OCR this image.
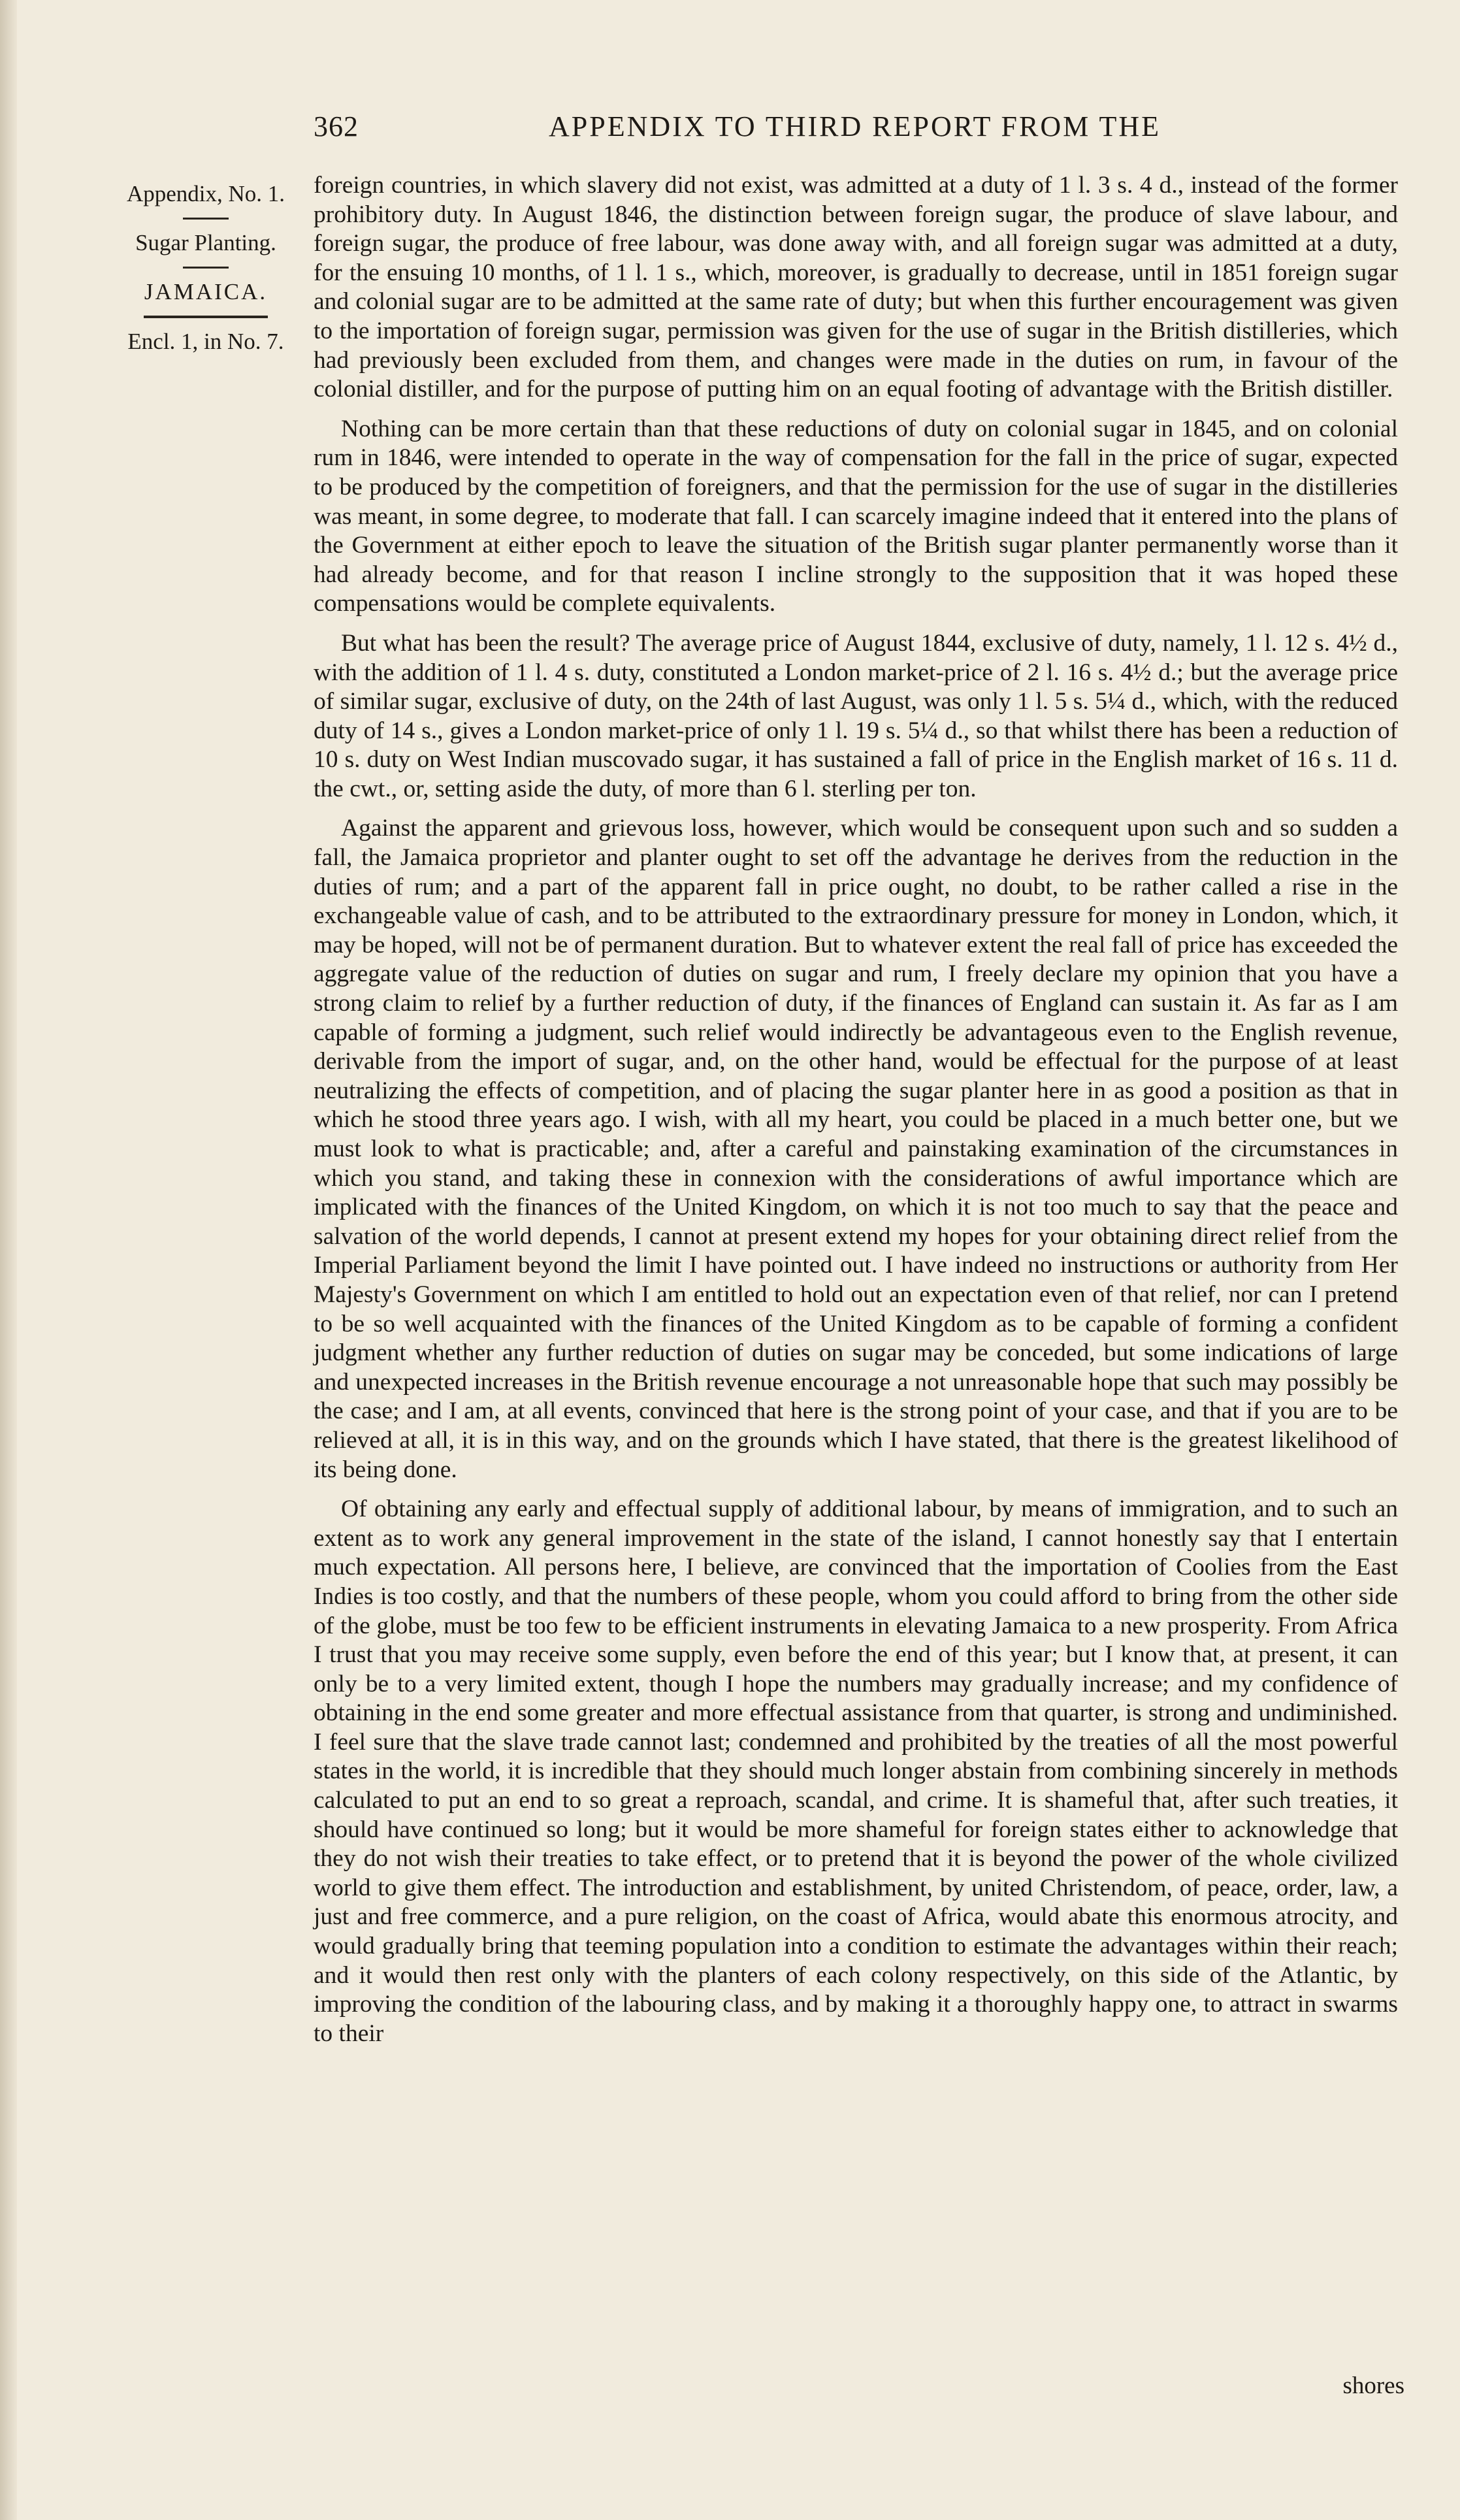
362	APPENDIX TO THIRD REPORT FROM THE
Appendix, No. 1.
Sugar Planting.
JAMAICA.
Encl. 1, in No. 7.

foreign countries, in which slavery did not exist, was admitted at a duty of 1 l. 3 s. 4 d., instead of the former prohibitory duty. In August 1846, the distinction between foreign sugar, the produce of slave labour, and foreign sugar, the produce of free labour, was done away with, and all foreign sugar was admitted at a duty, for the ensuing 10 months, of 1 l. 1 s., which, moreover, is gradually to decrease, until in 1851 foreign sugar and colonial sugar are to be admitted at the same rate of duty; but when this further encouragement was given to the importation of foreign sugar, permission was given for the use of sugar in the British distilleries, which had previously been excluded from them, and changes were made in the duties on rum, in favour of the colonial distiller, and for the purpose of putting him on an equal footing of advantage with the British distiller.

Nothing can be more certain than that these reductions of duty on colonial sugar in 1845, and on colonial rum in 1846, were intended to operate in the way of compensation for the fall in the price of sugar, expected to be produced by the competition of foreigners, and that the permission for the use of sugar in the distilleries was meant, in some degree, to moderate that fall. I can scarcely imagine indeed that it entered into the plans of the Government at either epoch to leave the situation of the British sugar planter permanently worse than it had already become, and for that reason I incline strongly to the supposition that it was hoped these compensations would be complete equivalents.

But what has been the result? The average price of August 1844, exclusive of duty, namely, 1 l. 12 s. 4½ d., with the addition of 1 l. 4 s. duty, constituted a London market-price of 2 l. 16 s. 4½ d.; but the average price of similar sugar, exclusive of duty, on the 24th of last August, was only 1 l. 5 s. 5¼ d., which, with the reduced duty of 14 s., gives a London market-price of only 1 l. 19 s. 5¼ d., so that whilst there has been a reduction of 10 s. duty on West Indian muscovado sugar, it has sustained a fall of price in the English market of 16 s. 11 d. the cwt., or, setting aside the duty, of more than 6 l. sterling per ton.

Against the apparent and grievous loss, however, which would be consequent upon such and so sudden a fall, the Jamaica proprietor and planter ought to set off the advantage he derives from the reduction in the duties of rum; and a part of the apparent fall in price ought, no doubt, to be rather called a rise in the exchangeable value of cash, and to be attributed to the extraordinary pressure for money in London, which, it may be hoped, will not be of permanent duration. But to whatever extent the real fall of price has exceeded the aggregate value of the reduction of duties on sugar and rum, I freely declare my opinion that you have a strong claim to relief by a further reduction of duty, if the finances of England can sustain it. As far as I am capable of forming a judgment, such relief would indirectly be advantageous even to the English revenue, derivable from the import of sugar, and, on the other hand, would be effectual for the purpose of at least neutralizing the effects of competition, and of placing the sugar planter here in as good a position as that in which he stood three years ago. I wish, with all my heart, you could be placed in a much better one, but we must look to what is practicable; and, after a careful and painstaking examination of the circumstances in which you stand, and taking these in connexion with the considerations of awful importance which are implicated with the finances of the United Kingdom, on which it is not too much to say that the peace and salvation of the world depends, I cannot at present extend my hopes for your obtaining direct relief from the Imperial Parliament beyond the limit I have pointed out. I have indeed no instructions or authority from Her Majesty's Government on which I am entitled to hold out an expectation even of that relief, nor can I pretend to be so well acquainted with the finances of the United Kingdom as to be capable of forming a confident judgment whether any further reduction of duties on sugar may be conceded, but some indications of large and unexpected increases in the British revenue encourage a not unreasonable hope that such may possibly be the case; and I am, at all events, convinced that here is the strong point of your case, and that if you are to be relieved at all, it is in this way, and on the grounds which I have stated, that there is the greatest likelihood of its being done.

Of obtaining any early and effectual supply of additional labour, by means of immigration, and to such an extent as to work any general improvement in the state of the island, I cannot honestly say that I entertain much expectation. All persons here, I believe, are convinced that the importation of Coolies from the East Indies is too costly, and that the numbers of these people, whom you could afford to bring from the other side of the globe, must be too few to be efficient instruments in elevating Jamaica to a new prosperity. From Africa I trust that you may receive some supply, even before the end of this year; but I know that, at present, it can only be to a very limited extent, though I hope the numbers may gradually increase; and my confidence of obtaining in the end some greater and more effectual assistance from that quarter, is strong and undiminished. I feel sure that the slave trade cannot last; condemned and prohibited by the treaties of all the most powerful states in the world, it is incredible that they should much longer abstain from combining sincerely in methods calculated to put an end to so great a reproach, scandal, and crime. It is shameful that, after such treaties, it should have continued so long; but it would be more shameful for foreign states either to acknowledge that they do not wish their treaties to take effect, or to pretend that it is beyond the power of the whole civilized world to give them effect. The introduction and establishment, by united Christendom, of peace, order, law, a just and free commerce, and a pure religion, on the coast of Africa, would abate this enormous atrocity, and would gradually bring that teeming population into a condition to estimate the advantages within their reach; and it would then rest only with the planters of each colony respectively, on this side of the Atlantic, by improving the condition of the labouring class, and by making it a thoroughly happy one, to attract in swarms to their

shores
